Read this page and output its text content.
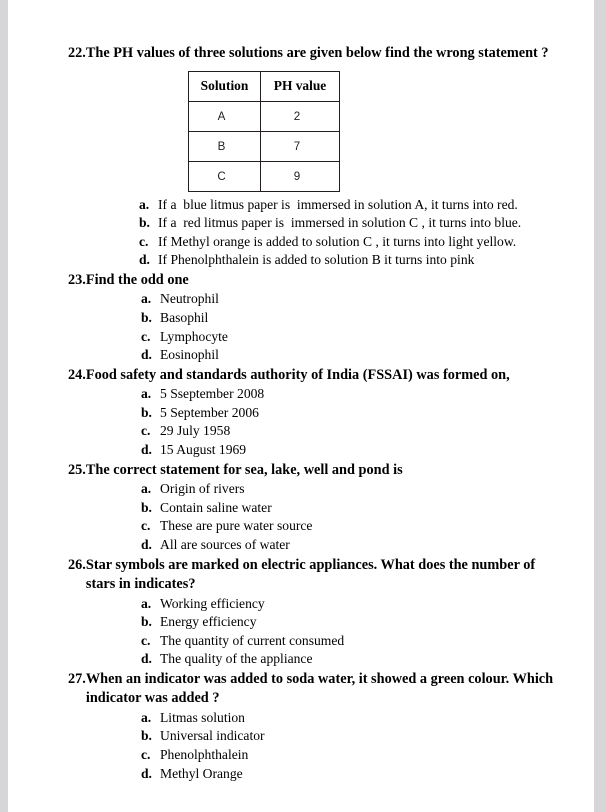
22. The PH values of three solutions are given below find the wrong statement ?
Solution	PH value
A	2
B	7
C	9
a. If a  blue litmus paper is  immersed in solution A, it turns into red.
b. If a  red litmus paper is  immersed in solution C , it turns into blue.
c. If Methyl orange is added to solution C , it turns into light yellow.
d. If Phenolphthalein is added to solution B it turns into pink
23. Find the odd one
a. Neutrophil
b. Basophil
c. Lymphocyte
d. Eosinophil
24. Food safety and standards authority of India (FSSAI) was formed on,
a. 5 Sseptember 2008
b. 5 September 2006
c. 29 July 1958
d. 15 August 1969
25. The correct statement for sea, lake, well and pond is
a. Origin of rivers
b. Contain saline water
c. These are pure water source
d. All are sources of water
26. Star symbols are marked on electric appliances. What does the number of stars in indicates?
a. Working efficiency
b. Energy efficiency
c. The quantity of current consumed
d. The quality of the appliance
27. When an indicator was added to soda water, it showed a green colour. Which indicator was added ?
a. Litmas solution
b. Universal indicator
c. Phenolphthalein
d. Methyl Orange
